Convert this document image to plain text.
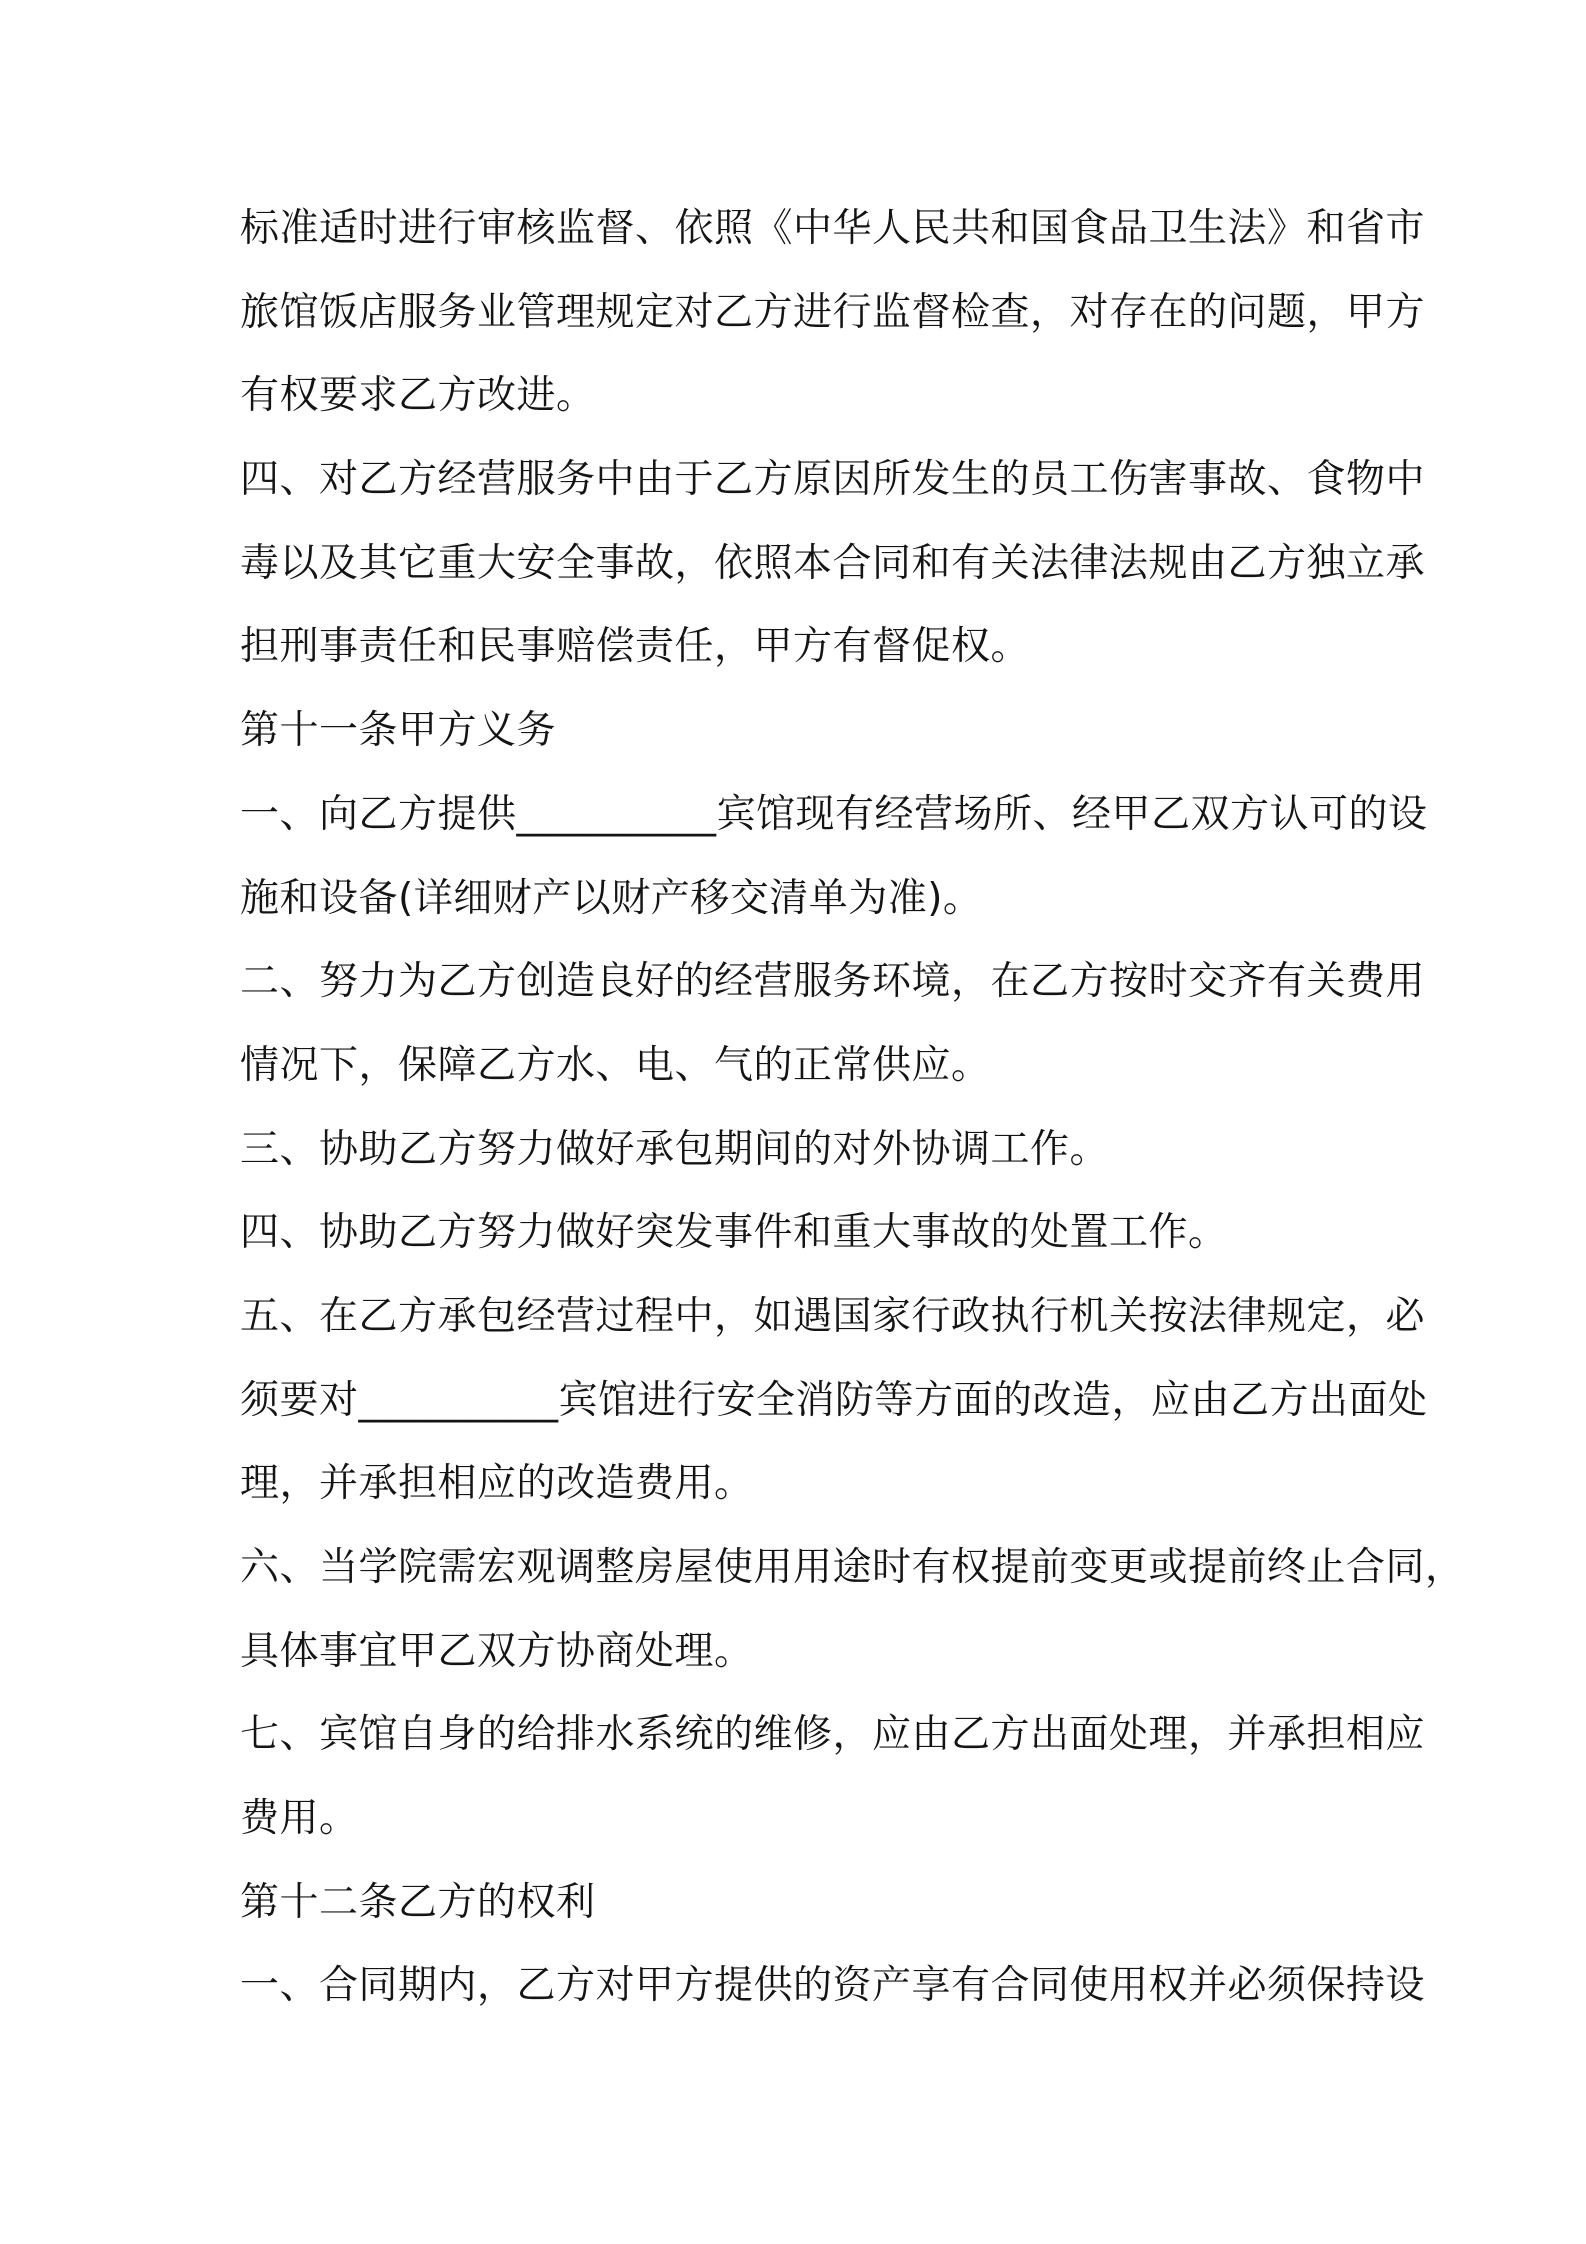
标准适时进行审核监督、依照《中华人民共和国食品卫生法》和省市
旅馆饭店服务业管理规定对乙方进行监督检查，对存在的问题，甲方
有权要求乙方改进。
四、对乙方经营服务中由于乙方原因所发生的员工伤害事故、食物中
毒以及其它重大安全事故，依照本合同和有关法律法规由乙方独立承
担刑事责任和民事赔偿责任，甲方有督促权。
第十一条甲方义务
一、向乙方提供__________宾馆现有经营场所、经甲乙双方认可的设
施和设备(详细财产以财产移交清单为准)。
二、努力为乙方创造良好的经营服务环境，在乙方按时交齐有关费用
情况下，保障乙方水、电、气的正常供应。
三、协助乙方努力做好承包期间的对外协调工作。
四、协助乙方努力做好突发事件和重大事故的处置工作。
五、在乙方承包经营过程中，如遇国家行政执行机关按法律规定，必
须要对__________宾馆进行安全消防等方面的改造，应由乙方出面处
理，并承担相应的改造费用。
六、当学院需宏观调整房屋使用用途时有权提前变更或提前终止合同，
具体事宜甲乙双方协商处理。
七、宾馆自身的给排水系统的维修，应由乙方出面处理，并承担相应
费用。
第十二条乙方的权利
一、合同期内，乙方对甲方提供的资产享有合同使用权并必须保持设
